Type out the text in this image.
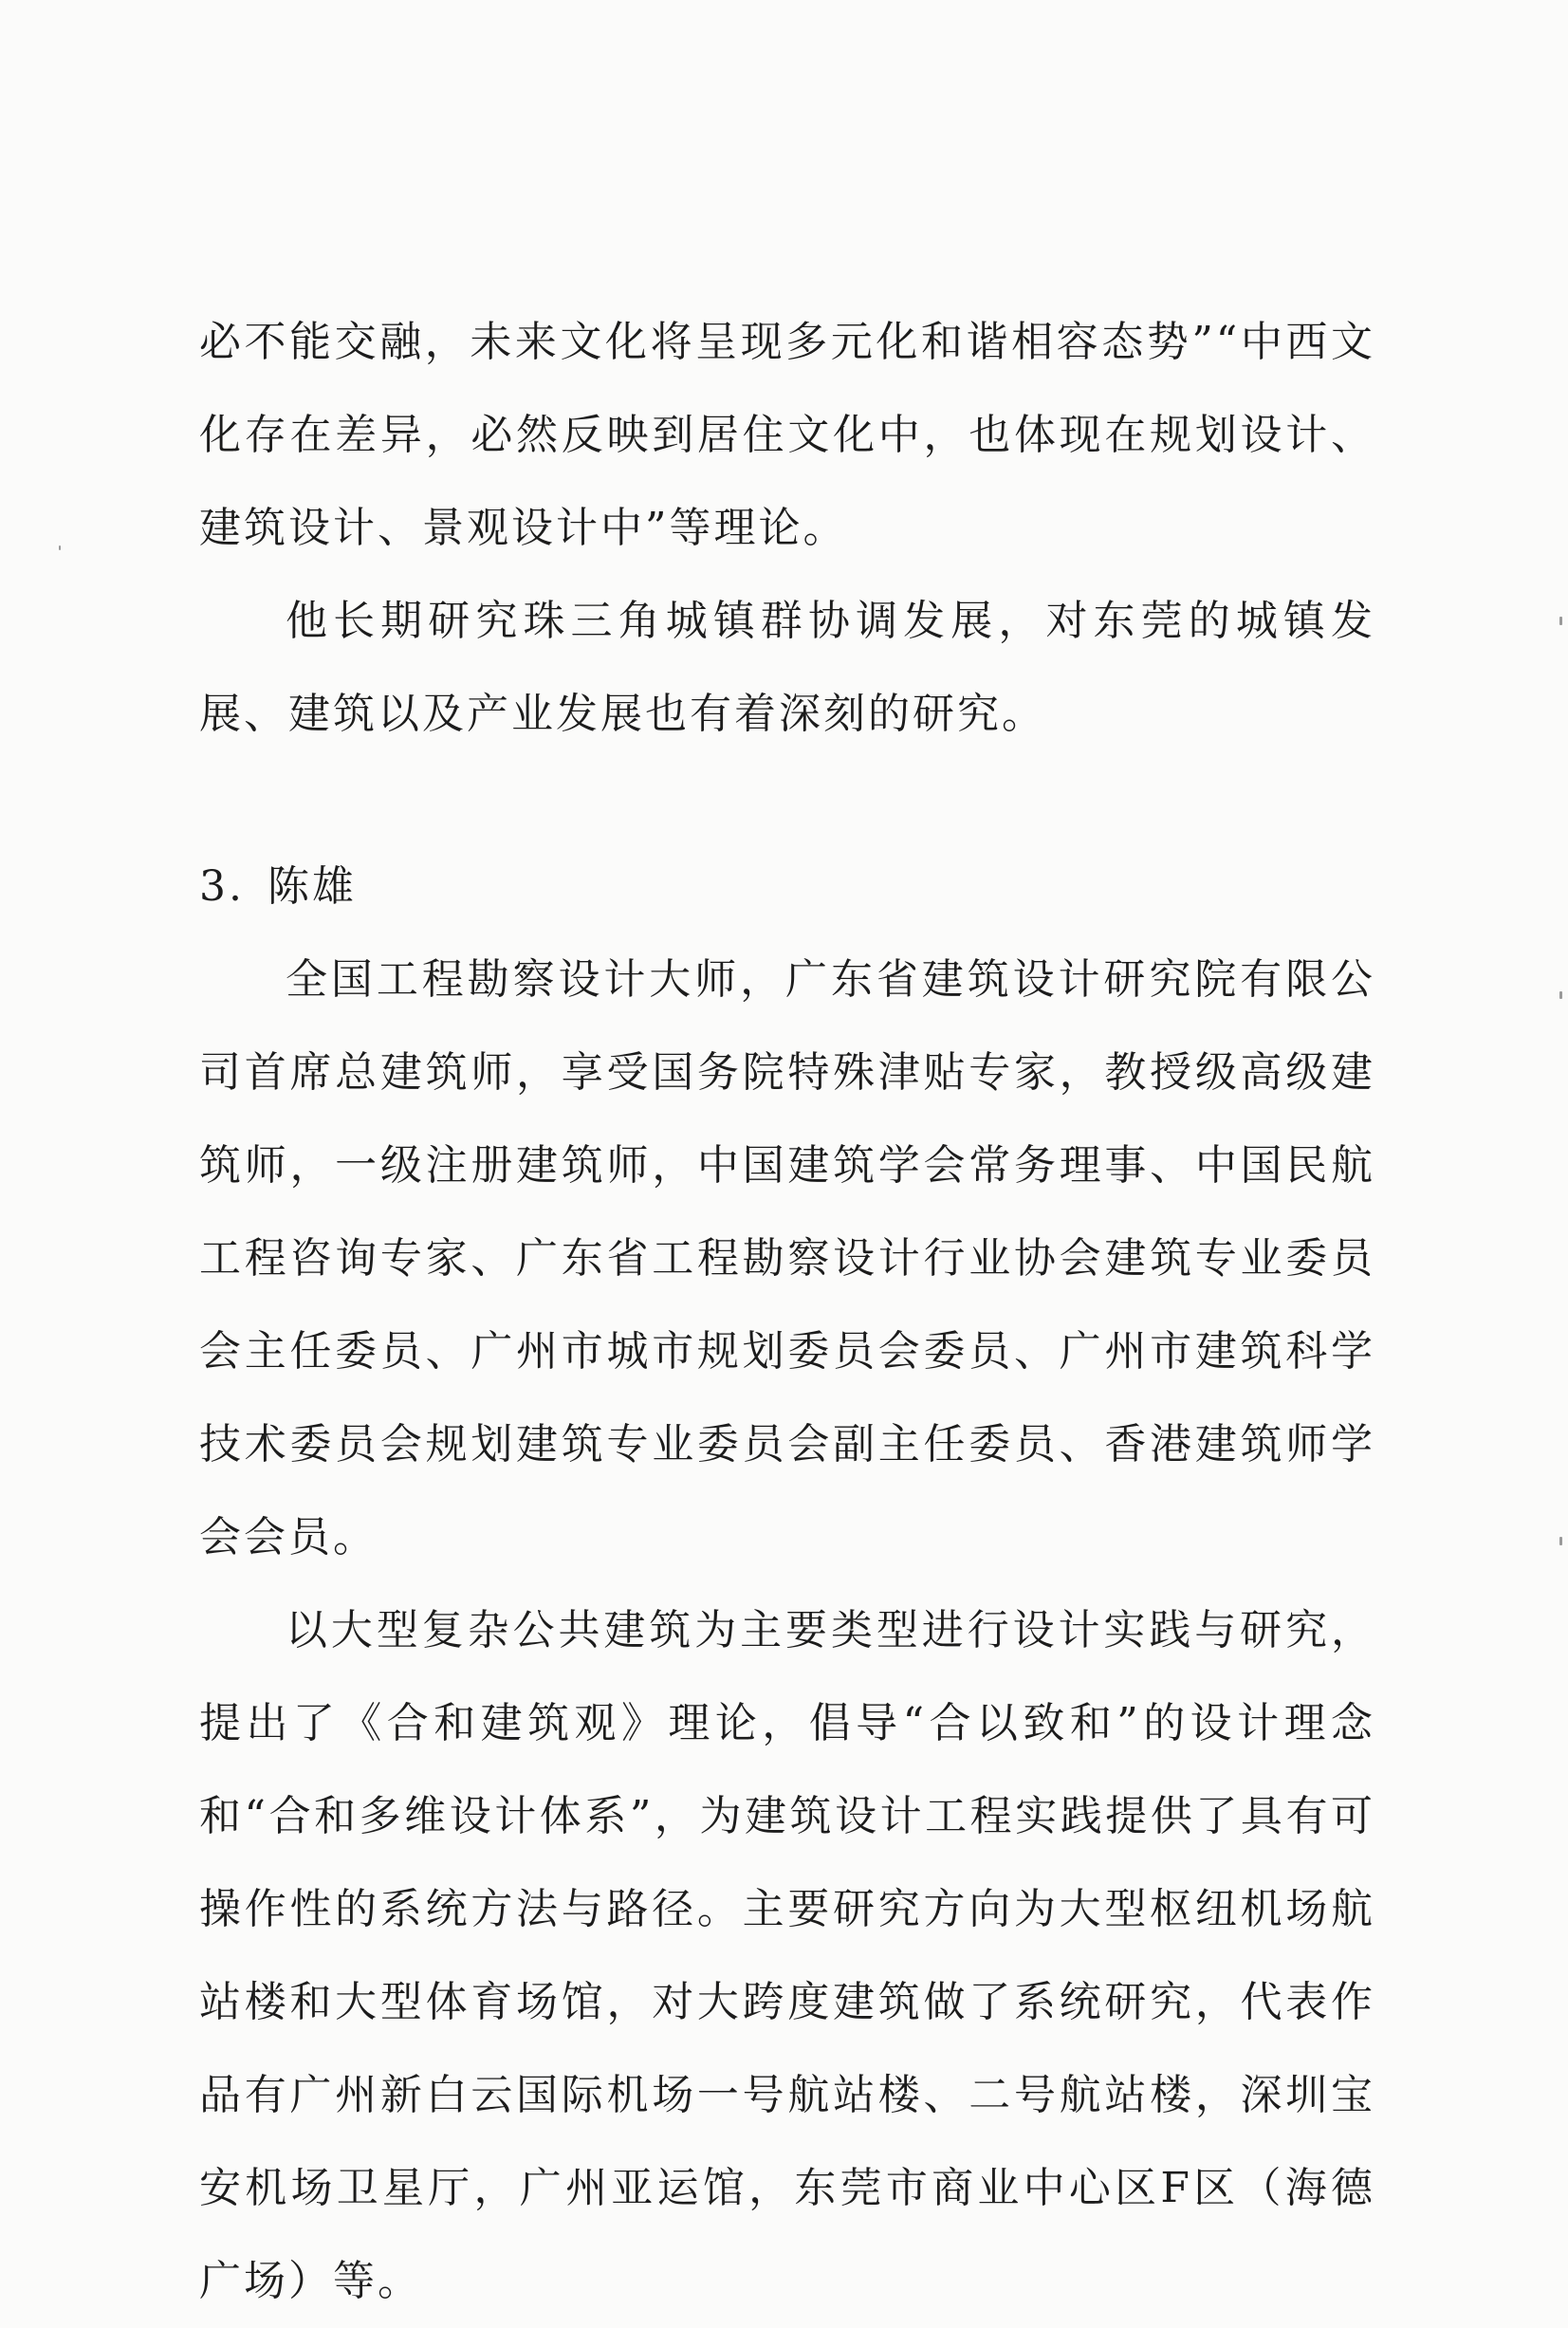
必不能交融，未来文化将呈现多元化和谐相容态势”“中西文化存在差异，必然反映到居住文化中，也体现在规划设计、建筑设计、景观设计中”等理论。

他长期研究珠三角城镇群协调发展，对东莞的城镇发展、建筑以及产业发展也有着深刻的研究。

3. 陈雄

全国工程勘察设计大师，广东省建筑设计研究院有限公司首席总建筑师，享受国务院特殊津贴专家，教授级高级建筑师，一级注册建筑师，中国建筑学会常务理事、中国民航工程咨询专家、广东省工程勘察设计行业协会建筑专业委员会主任委员、广州市城市规划委员会委员、广州市建筑科学技术委员会规划建筑专业委员会副主任委员、香港建筑师学会会员。

以大型复杂公共建筑为主要类型进行设计实践与研究，提出了《合和建筑观》理论，倡导“合以致和”的设计理念和“合和多维设计体系”，为建筑设计工程实践提供了具有可操作性的系统方法与路径。主要研究方向为大型枢纽机场航站楼和大型体育场馆，对大跨度建筑做了系统研究，代表作品有广州新白云国际机场一号航站楼、二号航站楼，深圳宝安机场卫星厅，广州亚运馆，东莞市商业中心区F区（海德广场）等。
